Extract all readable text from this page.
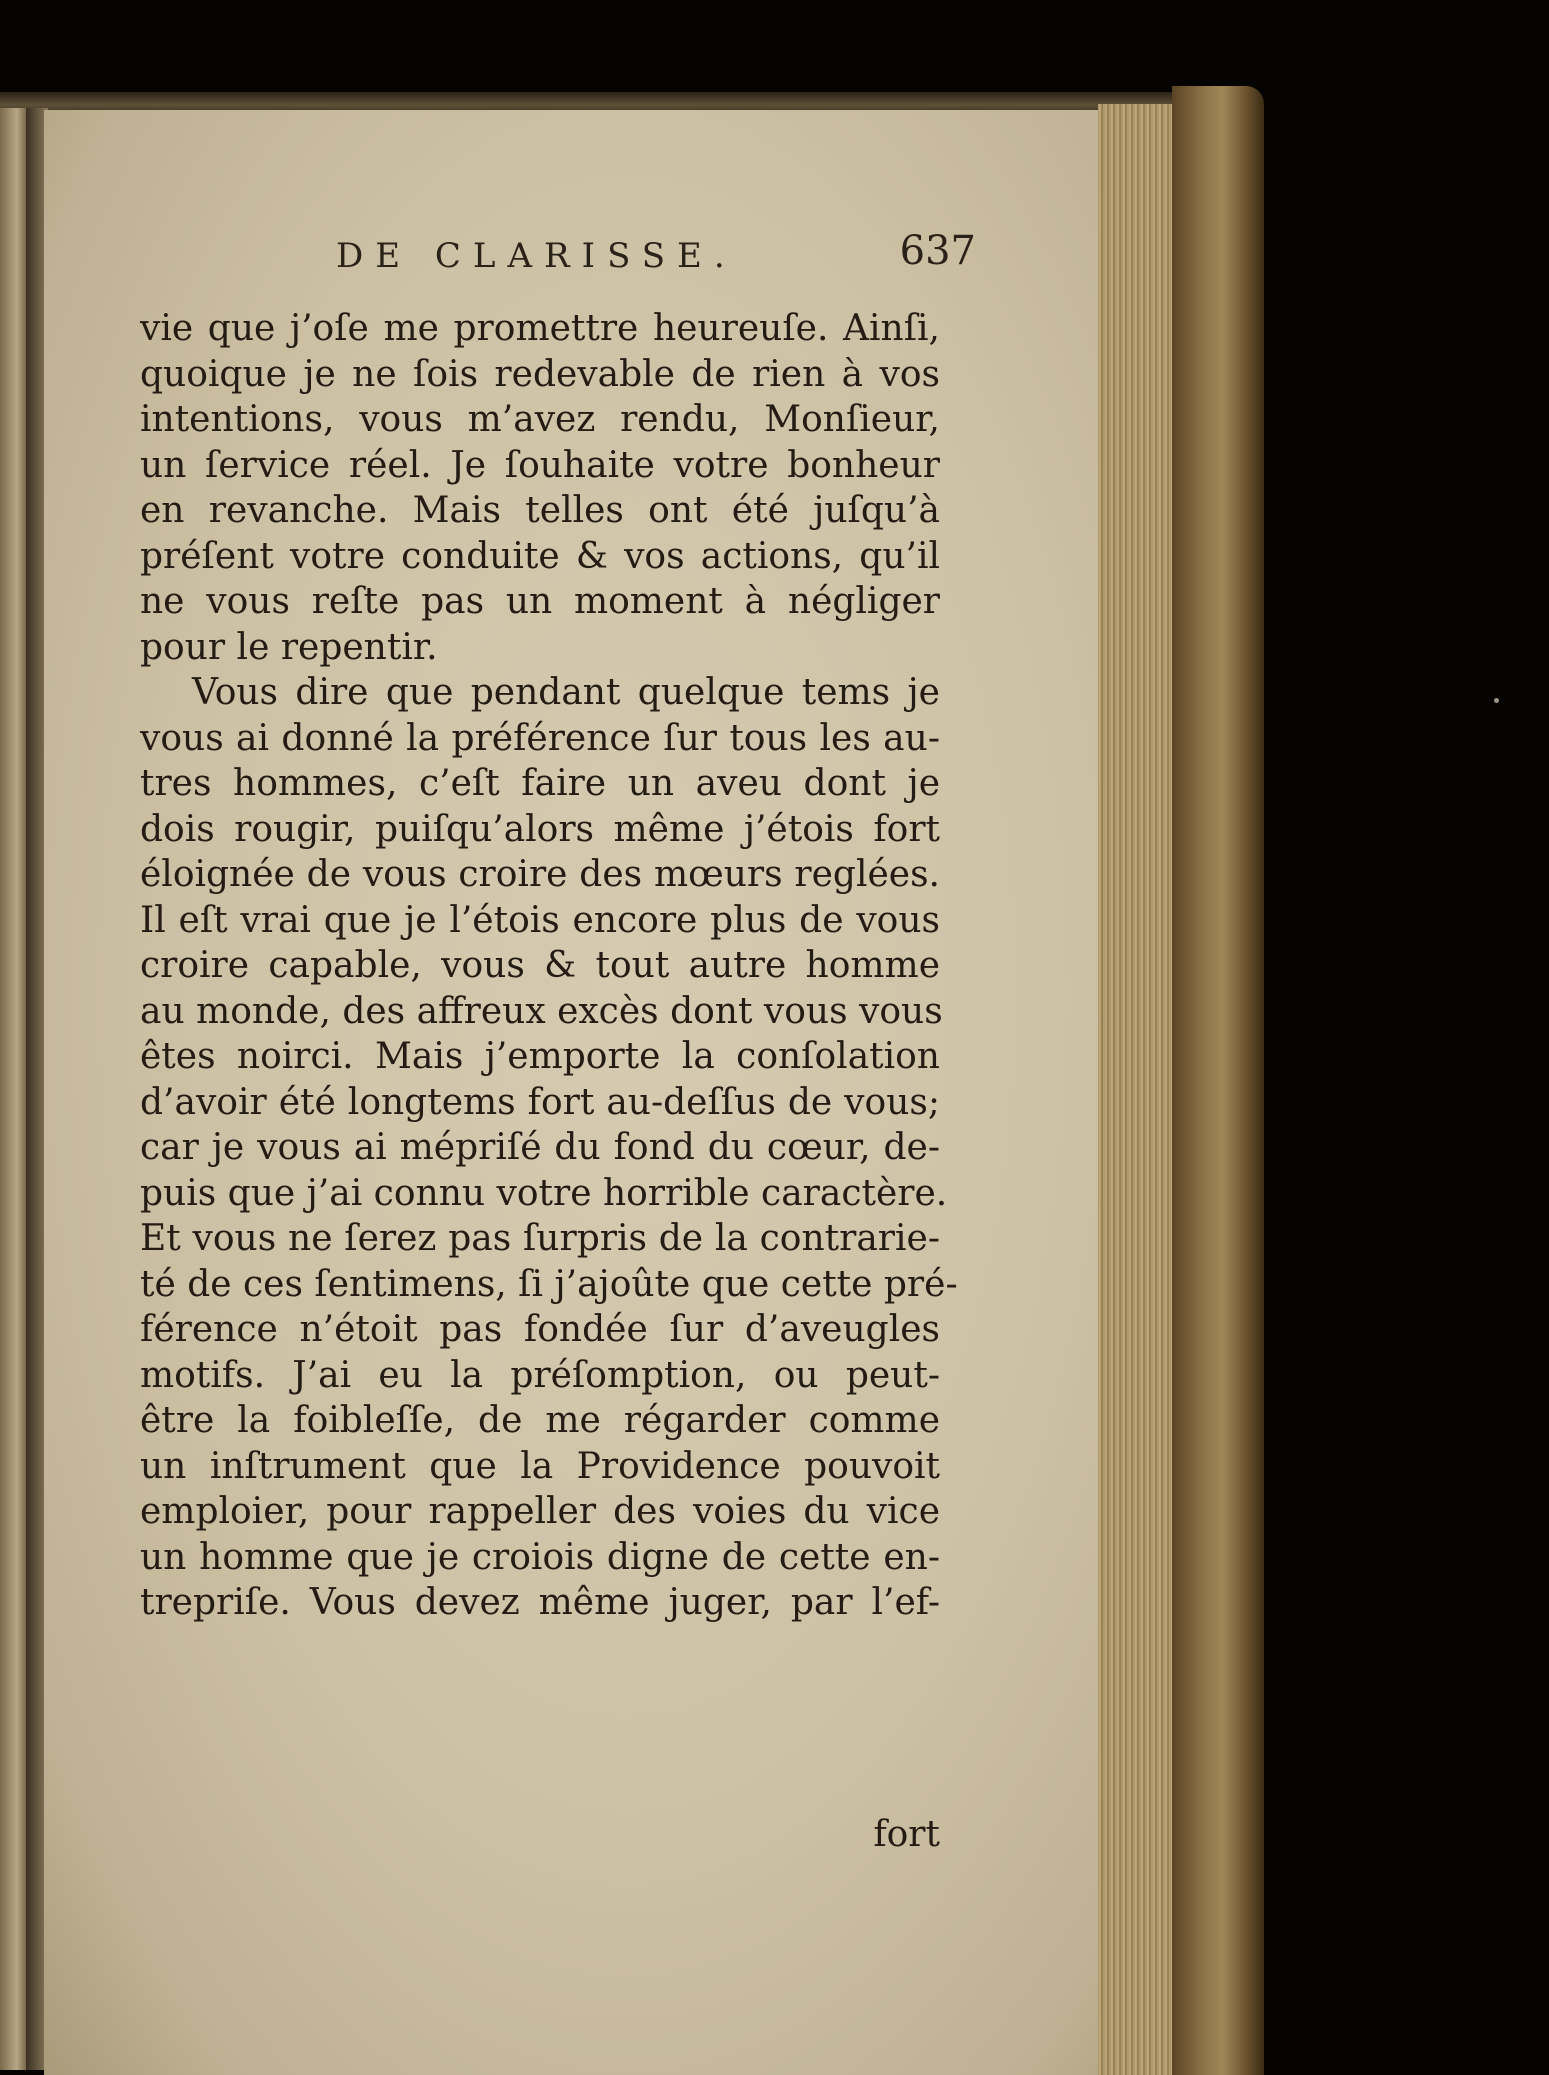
DE CLARISSE.	637
vie que j’oſe me promettre heureuſe. Ainſi,
quoique je ne ſois redevable de rien à vos
intentions, vous m’avez rendu, Monſieur,
un ſervice réel. Je ſouhaite votre bonheur
en revanche. Mais telles ont été juſqu’à
préſent votre conduite & vos actions, qu’il
ne vous reſte pas un moment à négliger
pour le repentir.
Vous dire que pendant quelque tems je
vous ai donné la préférence ſur tous les au-
tres hommes, c’eſt faire un aveu dont je
dois rougir, puiſqu’alors même j’étois fort
éloignée de vous croire des mœurs reglées.
Il eſt vrai que je l’étois encore plus de vous
croire capable, vous & tout autre homme
au monde, des affreux excès dont vous vous
êtes noirci. Mais j’emporte la conſolation
d’avoir été longtems fort au-deſſus de vous;
car je vous ai mépriſé du fond du cœur, de-
puis que j’ai connu votre horrible caractère.
Et vous ne ſerez pas ſurpris de la contrarie-
té de ces ſentimens, ſi j’ajoûte que cette pré-
férence n’étoit pas fondée ſur d’aveugles
motifs. J’ai eu la préſomption, ou peut-
être la foibleſſe, de me régarder comme
un inſtrument que la Providence pouvoit
emploier, pour rappeller des voies du vice
un homme que je croiois digne de cette en-
trepriſe. Vous devez même juger, par l’ef-
fort
